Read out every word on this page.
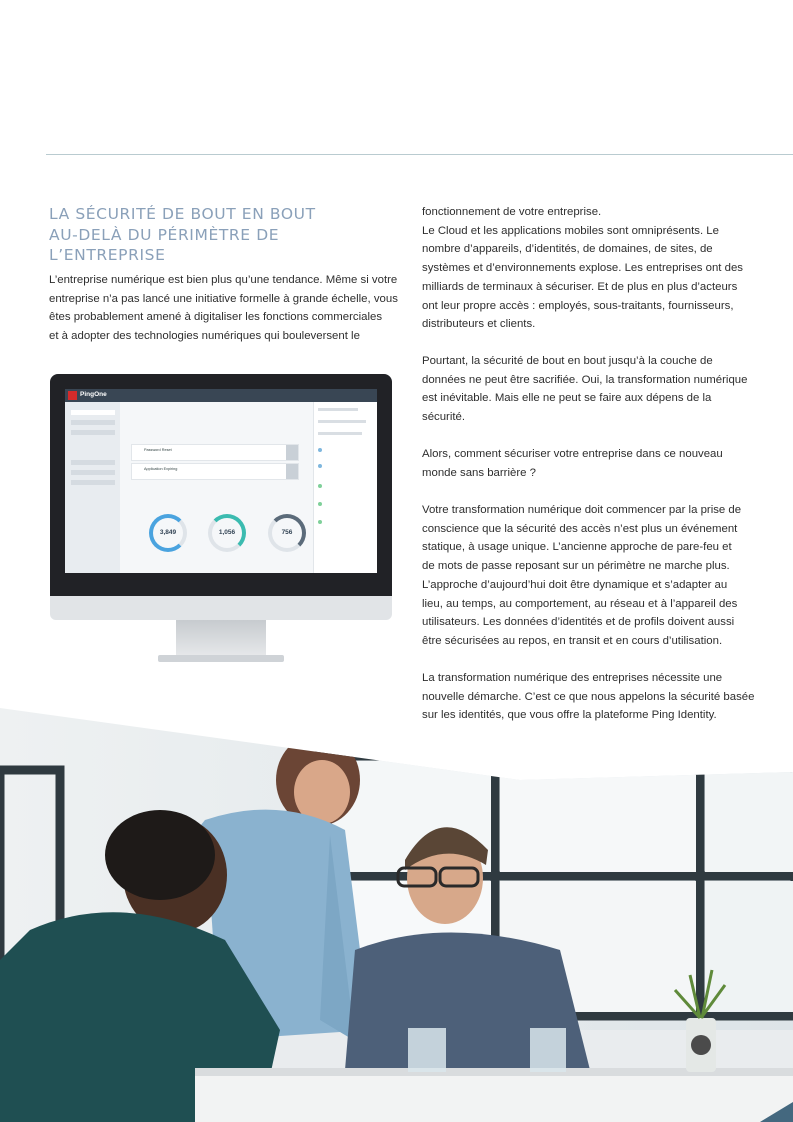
LA SÉCURITÉ DE BOUT EN BOUT
AU-DELÀ DU PÉRIMÈTRE DE
L’ENTREPRISE

L’entreprise numérique est bien plus qu’une tendance. Même si votre
entreprise n’a pas lancé une initiative formelle à grande échelle, vous
êtes probablement amené à digitaliser les fonctions commerciales
et à adopter des technologies numériques qui bouleversent le

PingOne
Password Reset
Application Expiring
3,849	1,056	756

fonctionnement de votre entreprise.
Le Cloud et les applications mobiles sont omniprésents. Le
nombre d’appareils, d’identités, de domaines, de sites, de
systèmes et d’environnements explose. Les entreprises ont des
milliards de terminaux à sécuriser. Et de plus en plus d’acteurs
ont leur propre accès : employés, sous-traitants, fournisseurs,
distributeurs et clients.

Pourtant, la sécurité de bout en bout jusqu’à la couche de
données ne peut être sacrifiée. Oui, la transformation numérique
est inévitable. Mais elle ne peut se faire aux dépens de la
sécurité.

Alors, comment sécuriser votre entreprise dans ce nouveau
monde sans barrière ?

Votre transformation numérique doit commencer par la prise de
conscience que la sécurité des accès n’est plus un événement
statique, à usage unique. L’ancienne approche de pare-feu et
de mots de passe reposant sur un périmètre ne marche plus.
L’approche d’aujourd’hui doit être dynamique et s’adapter au
lieu, au temps, au comportement, au réseau et à l’appareil des
utilisateurs. Les données d’identités et de profils doivent aussi
être sécurisées au repos, en transit et en cours d’utilisation.

La transformation numérique des entreprises nécessite une
nouvelle démarche. C’est ce que nous appelons la sécurité basée
sur les identités, que vous offre la plateforme Ping Identity.
